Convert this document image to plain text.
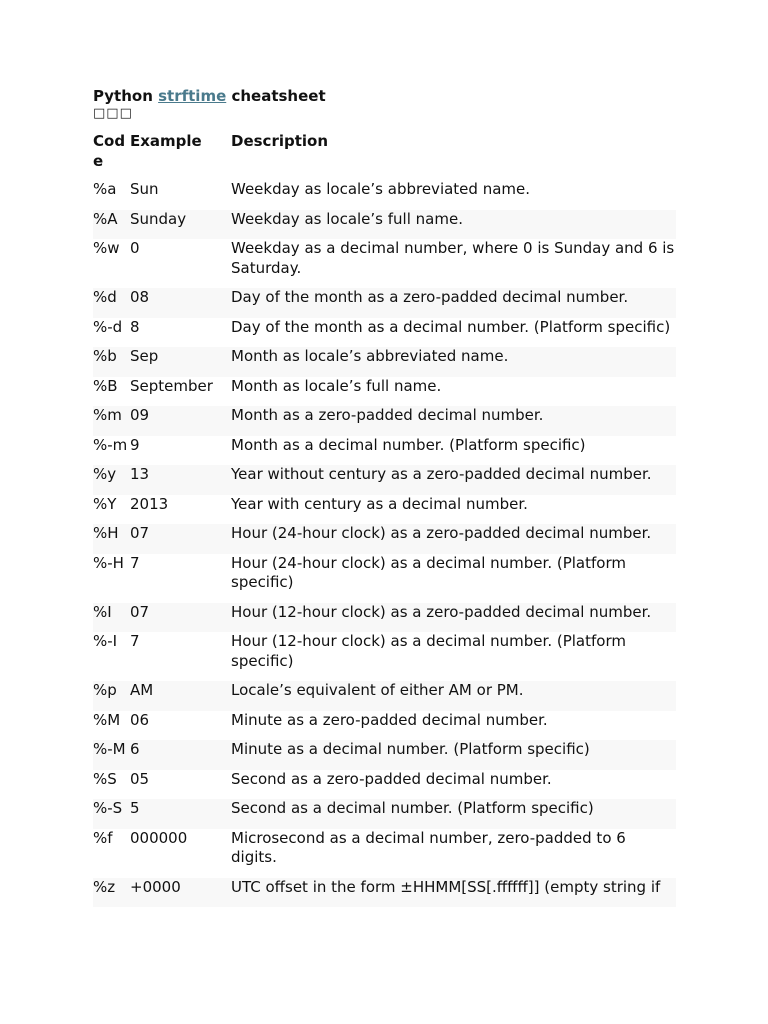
Python strftime cheatsheet
□□□
Code	Example	Description
%a	Sun	Weekday as locale’s abbreviated name.
%A	Sunday	Weekday as locale’s full name.
%w	0	Weekday as a decimal number, where 0 is Sunday and 6 is Saturday.
%d	08	Day of the month as a zero-padded decimal number.
%-d	8	Day of the month as a decimal number. (Platform specific)
%b	Sep	Month as locale’s abbreviated name.
%B	September	Month as locale’s full name.
%m	09	Month as a zero-padded decimal number.
%-m	9	Month as a decimal number. (Platform specific)
%y	13	Year without century as a zero-padded decimal number.
%Y	2013	Year with century as a decimal number.
%H	07	Hour (24-hour clock) as a zero-padded decimal number.
%-H	7	Hour (24-hour clock) as a decimal number. (Platform specific)
%I	07	Hour (12-hour clock) as a zero-padded decimal number.
%-I	7	Hour (12-hour clock) as a decimal number. (Platform specific)
%p	AM	Locale’s equivalent of either AM or PM.
%M	06	Minute as a zero-padded decimal number.
%-M	6	Minute as a decimal number. (Platform specific)
%S	05	Second as a zero-padded decimal number.
%-S	5	Second as a decimal number. (Platform specific)
%f	000000	Microsecond as a decimal number, zero-padded to 6 digits.
%z	+0000	UTC offset in the form ±HHMM[SS[.ffffff]] (empty string if
